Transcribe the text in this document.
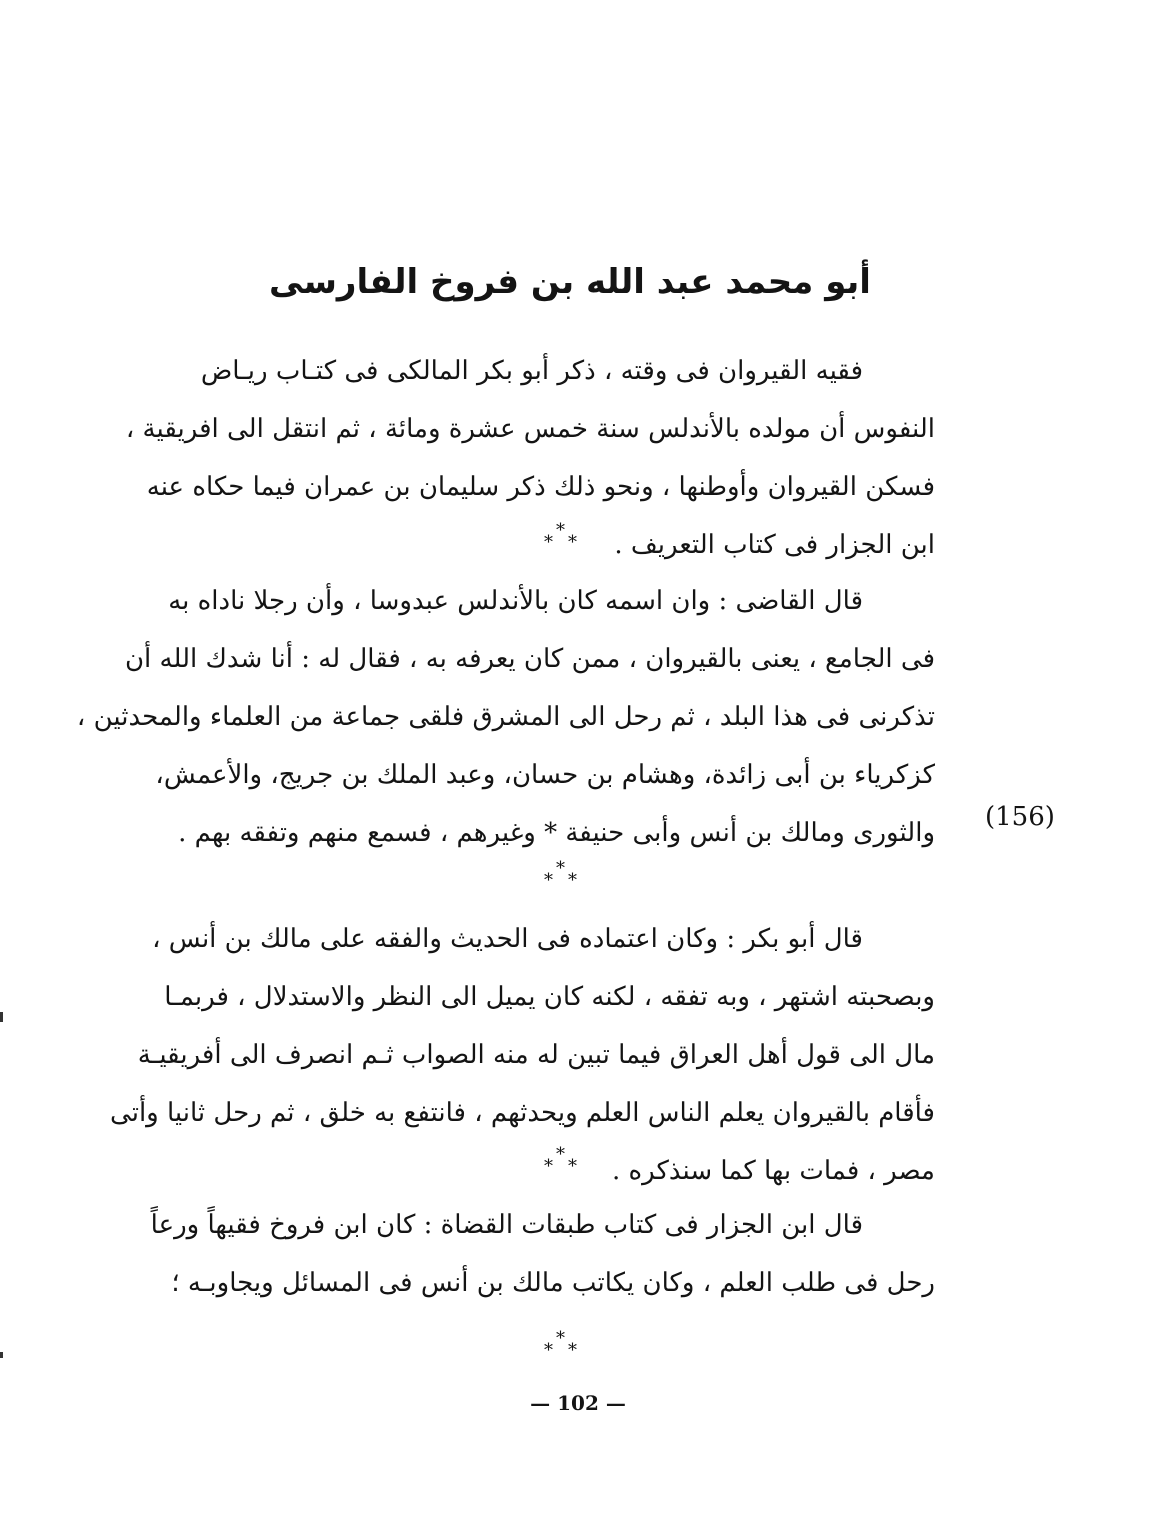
أبو محمد عبد الله بن فروخ الفارسى

فقيه القيروان فى وقته ، ذكر أبو بكر المالكى فى كتـاب ريـاض
النفوس أن مولده بالأندلس سنة خمس عشرة ومائة ، ثم انتقل الى افريقية ،
فسكن القيروان وأوطنها ، ونحو ذلك ذكر سليمان بن عمران فيما حكاه عنه
ابن الجزار فى كتاب التعريف .

*
* *

قال القاضى : وان اسمه كان بالأندلس عبدوسا ، وأن رجلا ناداه به
فى الجامع ، يعنى بالقيروان ، ممن كان يعرفه به ، فقال له : أنا شدك الله أن
تذكرنى فى هذا البلد ، ثم رحل الى المشرق فلقى جماعة من العلماء والمحدثين ،
كزكرياء بن أبى زائدة، وهشام بن حسان، وعبد الملك بن جريج، والأعمش،
والثورى ومالك بن أنس وأبى حنيفة * وغيرهم ، فسمع منهم وتفقه بهم .

(156)
*
* *

قال أبو بكر : وكان اعتماده فى الحديث والفقه على مالك بن أنس ،
وبصحبته اشتهر ، وبه تفقه ، لكنه كان يميل الى النظر والاستدلال ، فربمـا
مال الى قول أهل العراق فيما تبين له منه الصواب ثـم انصرف الى أفريقيـة
فأقام بالقيروان يعلم الناس العلم ويحدثهم ، فانتفع به خلق ، ثم رحل ثانيا وأتى
مصر ، فمات بها كما سنذكره .

*
* *

قال ابن الجزار فى كتاب طبقات القضاة : كان ابن فروخ فقيهاً ورعاً
رحل فى طلب العلم ، وكان يكاتب مالك بن أنس فى المسائل ويجاوبـه ؛

*
* *
— 102 —
